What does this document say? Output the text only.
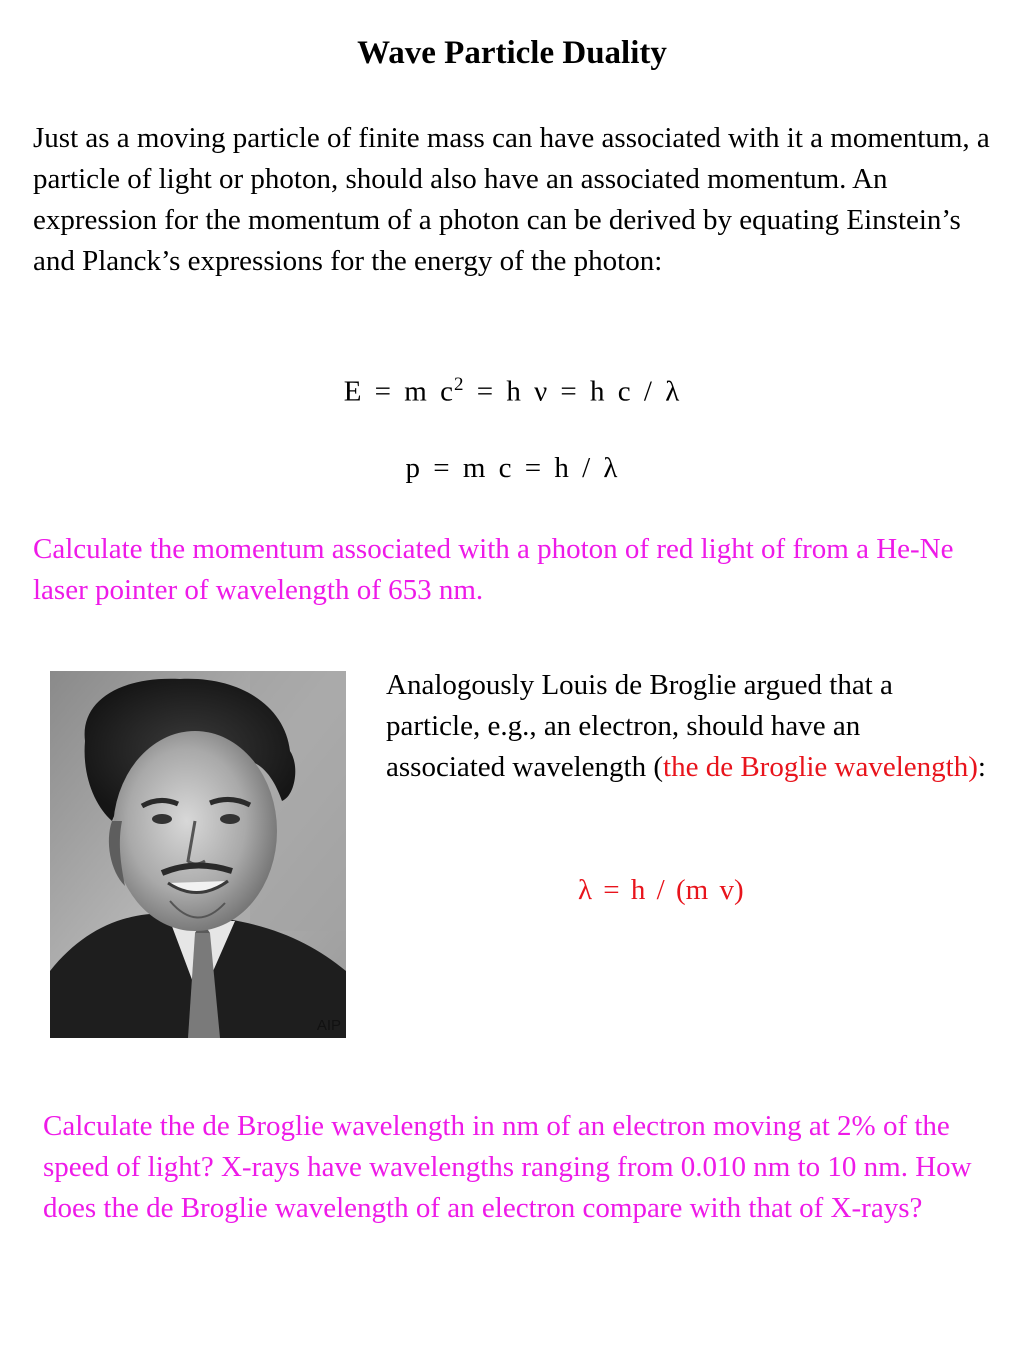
Wave Particle Duality

Just as a moving particle of finite mass can have associated with it a momentum, a particle of light or photon, should also have an associated momentum. An expression for the momentum of a photon can be derived by equating Einstein’s and Planck’s expressions for the energy of the photon:

E = m $c^2 = h$ ν = h c / λ

p = m c = h / λ

Calculate the momentum associated with a photon of red light of from a He-Ne laser pointer of wavelength of 653 nm.

AIP

Analogously Louis de Broglie argued that a particle, e.g., an electron, should have an associated wavelength (the de Broglie wavelength):

λ = h / (m v)

Calculate the de Broglie wavelength in nm of an electron moving at 2% of the speed of light? X-rays have wavelengths ranging from 0.010 nm to 10 nm. How does the de Broglie wavelength of an electron compare with that of X-rays?
